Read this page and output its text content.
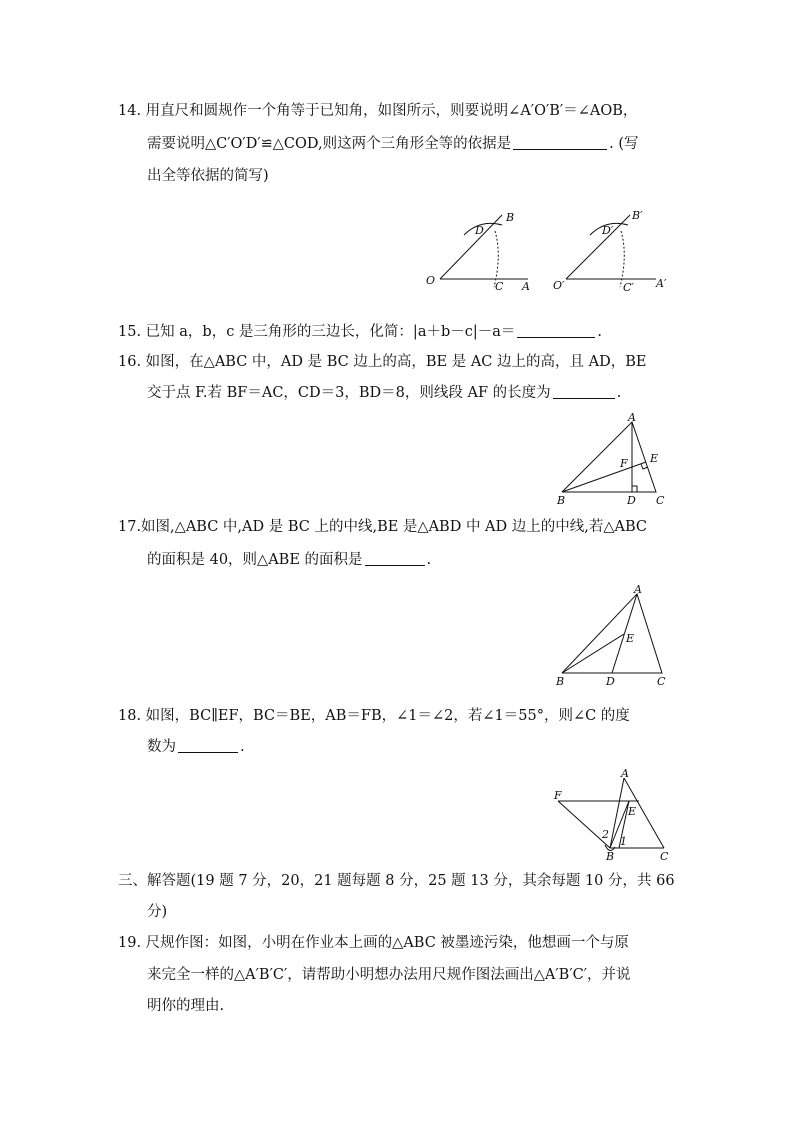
14. 用直尺和圆规作一个角等于已知角，如图所示，则要说明∠A′O′B′＝∠AOB，
需要说明△C′O′D′≌△COD,则这两个三角形全等的依据是	. (写
出全等依据的简写)
O	A
B
C
D
O′	A′
B′
C′
D′
15. 已知 a，b，c 是三角形的三边长，化简：|a＋b－c|－a＝	.
16. 如图，在△ABC 中，AD 是 BC 边上的高，BE 是 AC 边上的高，且 AD，BE
交于点 F.若 BF＝AC，CD＝3，BD＝8，则线段 AF 的长度为	.
A
B	C
D
E
F
17.如图,△ABC 中,AD 是 BC 上的中线,BE 是△ABD 中 AD 边上的中线,若△ABC
的面积是 40，则△ABE 的面积是	.
A
B	C
D
E
18. 如图，BC∥EF，BC＝BE，AB＝FB，∠1＝∠2，若∠1＝55°，则∠C 的度
数为	.
A
B	C
E
F
1
2
三、解答题(19 题 7 分，20，21 题每题 8 分，25 题 13 分，其余每题 10 分，共 66
分)
19. 尺规作图：如图，小明在作业本上画的△ABC 被墨迹污染，他想画一个与原
来完全一样的△A′B′C′，请帮助小明想办法用尺规作图法画出△A′B′C′，并说
明你的理由.
